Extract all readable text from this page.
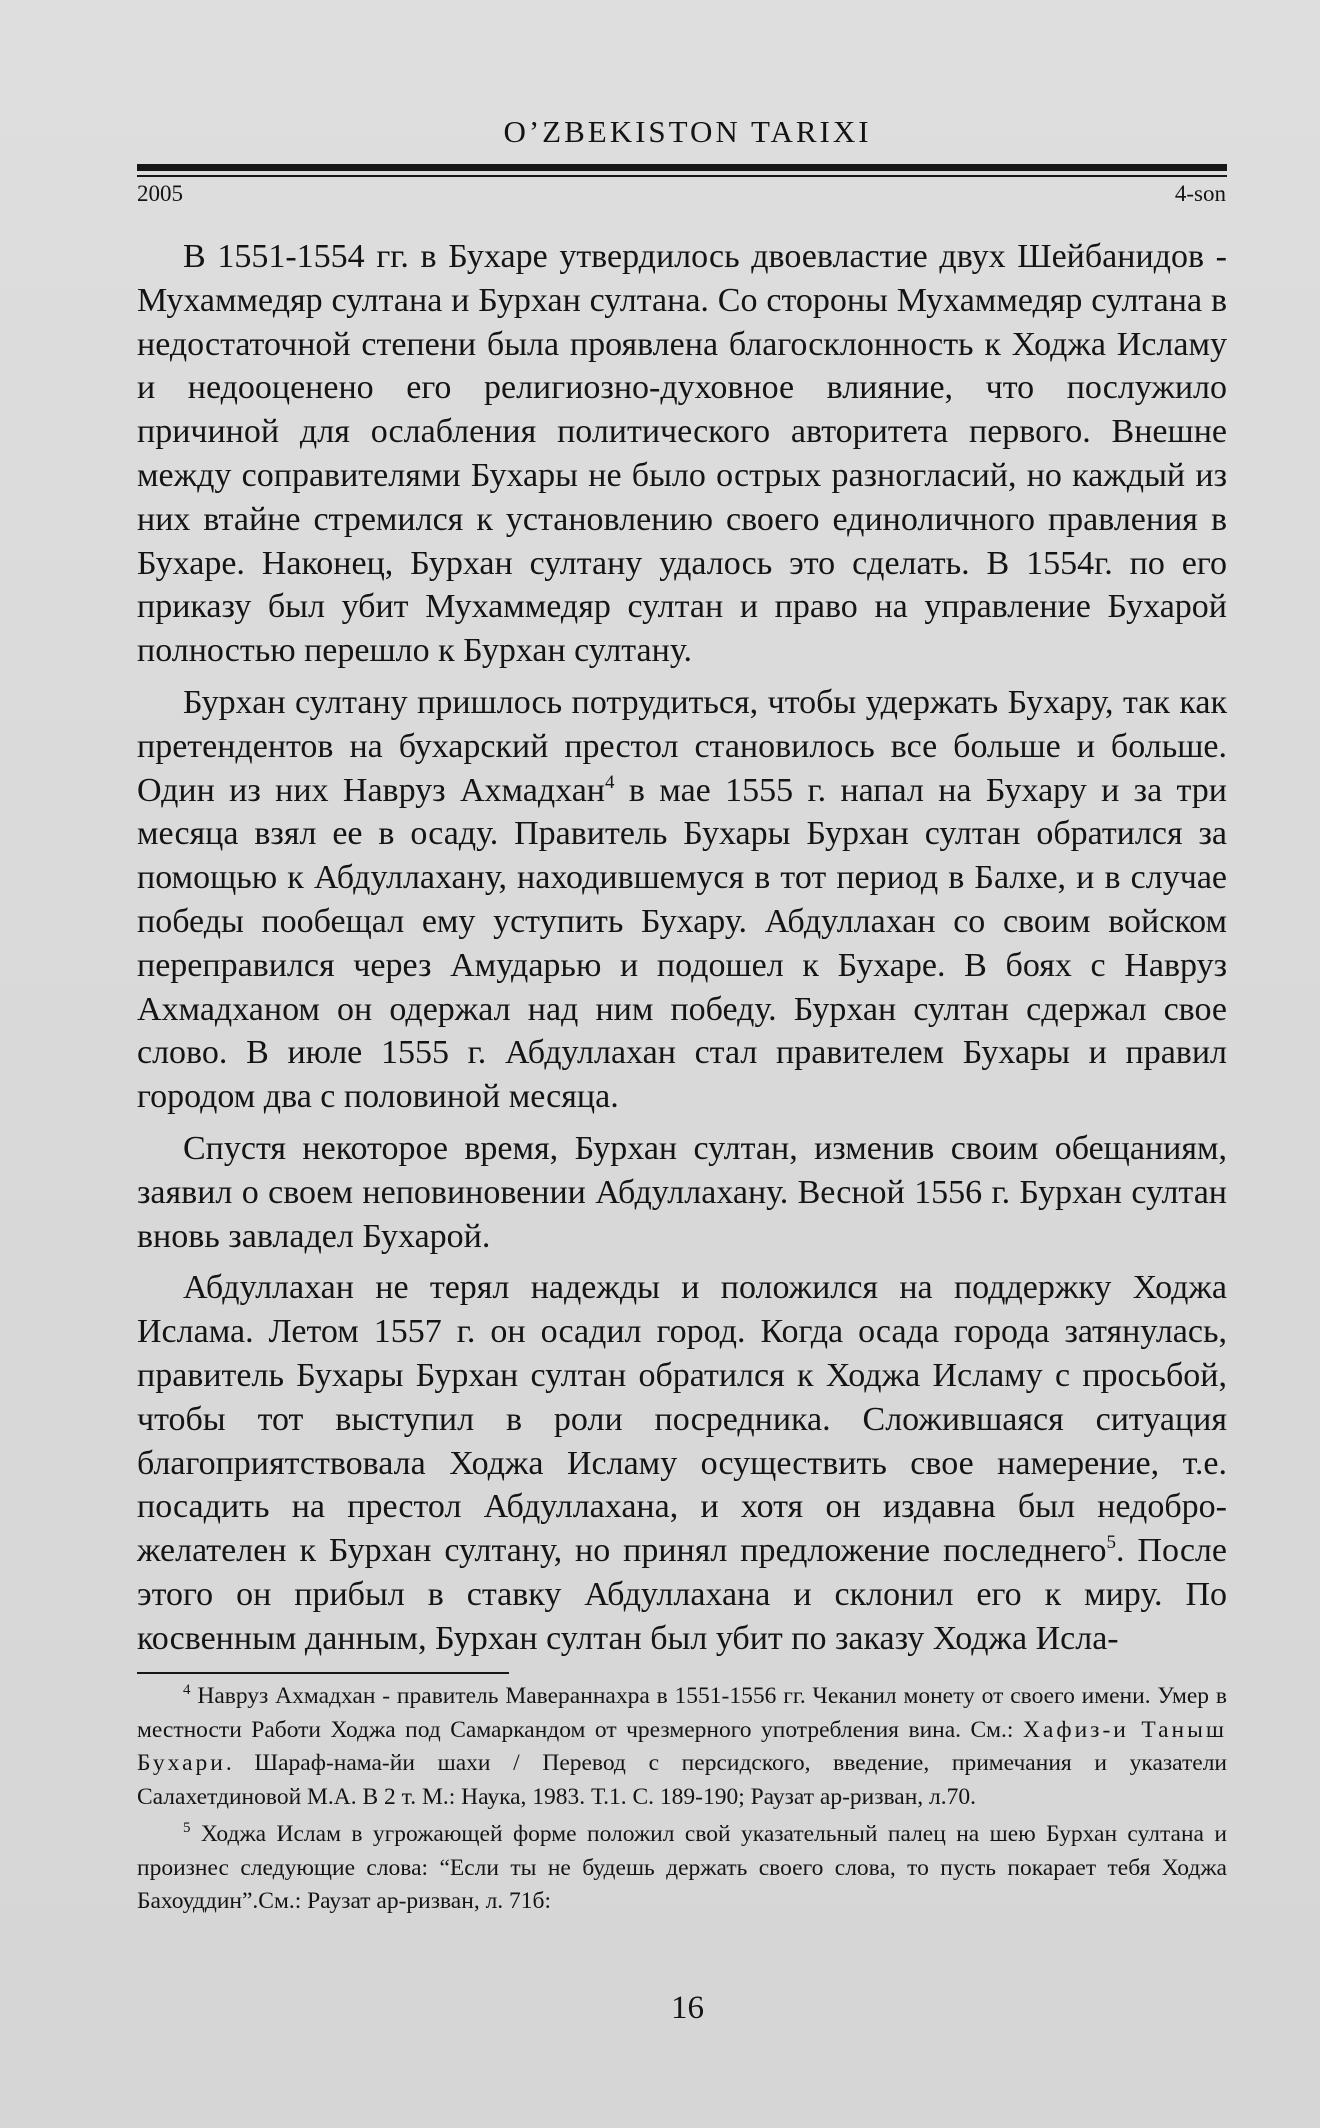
O’ZBEKISTON TARIXI
2005	4-son

В 1551-1554 гг. в Бухаре утвердилось двоевластие двух Шейбанидов - Мухаммедяр султана и Бурхан султана. Со стороны Мухаммедяр султана в недостаточной степени была проявлена благосклонность к Ходжа Исламу и недооценено его религиозно-духовное влияние, что послужило причиной для ослабления политического авторитета первого. Внешне между соправителями Бухары не было острых разногласий, но каждый из них втайне стремился к установлению своего единоличного правления в Бухаре. Наконец, Бурхан султану удалось это сделать. В 1554г. по его приказу был убит Мухаммедяр султан и право на управление Бухарой полностью перешло к Бурхан султану.

Бурхан султану пришлось потрудиться, чтобы удержать Бухару, так как претендентов на бухарский престол становилось все больше и больше. Один из них Навруз Ахмадхан$^4$ в мае 1555 г. напал на Бухару и за три месяца взял ее в осаду. Правитель Бухары Бурхан султан обратился за помощью к Абдуллахану, находившемуся в тот период в Балхе, и в случае победы пообещал ему уступить Бухару. Абдуллахан со своим войском переправился через Амударью и подошел к Бухаре. В боях с Навруз Ахмадханом он одержал над ним победу. Бурхан султан сдержал свое слово. В июле 1555 г. Абдуллахан стал правителем Бухары и правил городом два с половиной месяца.

Спустя некоторое время, Бурхан султан, изменив своим обещаниям, заявил о своем неповиновении Абдуллахану. Весной 1556 г. Бурхан султан вновь завладел Бухарой.

Абдуллахан не терял надежды и положился на поддержку Ходжа Ислама. Летом 1557 г. он осадил город. Когда осада города затянулась, правитель Бухары Бурхан султан обратился к Ходжа Исламу с просьбой, чтобы тот выступил в роли посредника. Сложившаяся ситуация благоприятствовала Ходжа Исламу осуществить свое намерение, т.е. посадить на престол Абдуллахана, и хотя он издавна был недоброжелателен к Бурхан султану, но принял предложение последнего$^5$. После этого он прибыл в ставку Абдуллахана и склонил его к миру. По косвенным данным, Бурхан султан был убит по заказу Ходжа Исла-

$^4$ Навруз Ахмадхан - правитель Мавераннахра в 1551-1556 гг. Чеканил монету от своего имени. Умер в местности Работи Ходжа под Самаркандом от чрезмерного употребления вина. См.: Хафиз-и Таныш Бухари. Шараф-нама-йи шахи / Перевод с персидского, введение, примечания и указатели Салахетдиновой М.А. В 2 т. М.: Наука, 1983. Т.1. С. 189-190; Раузат ар-ризван, л.70.

$^5$ Ходжа Ислам в угрожающей форме положил свой указательный палец на шею Бурхан султана и произнес следующие слова: “Если ты не будешь держать своего слова, то пусть покарает тебя Ходжа Бахоуддин”.См.: Раузат ар-ризван, л. 71б:

16
